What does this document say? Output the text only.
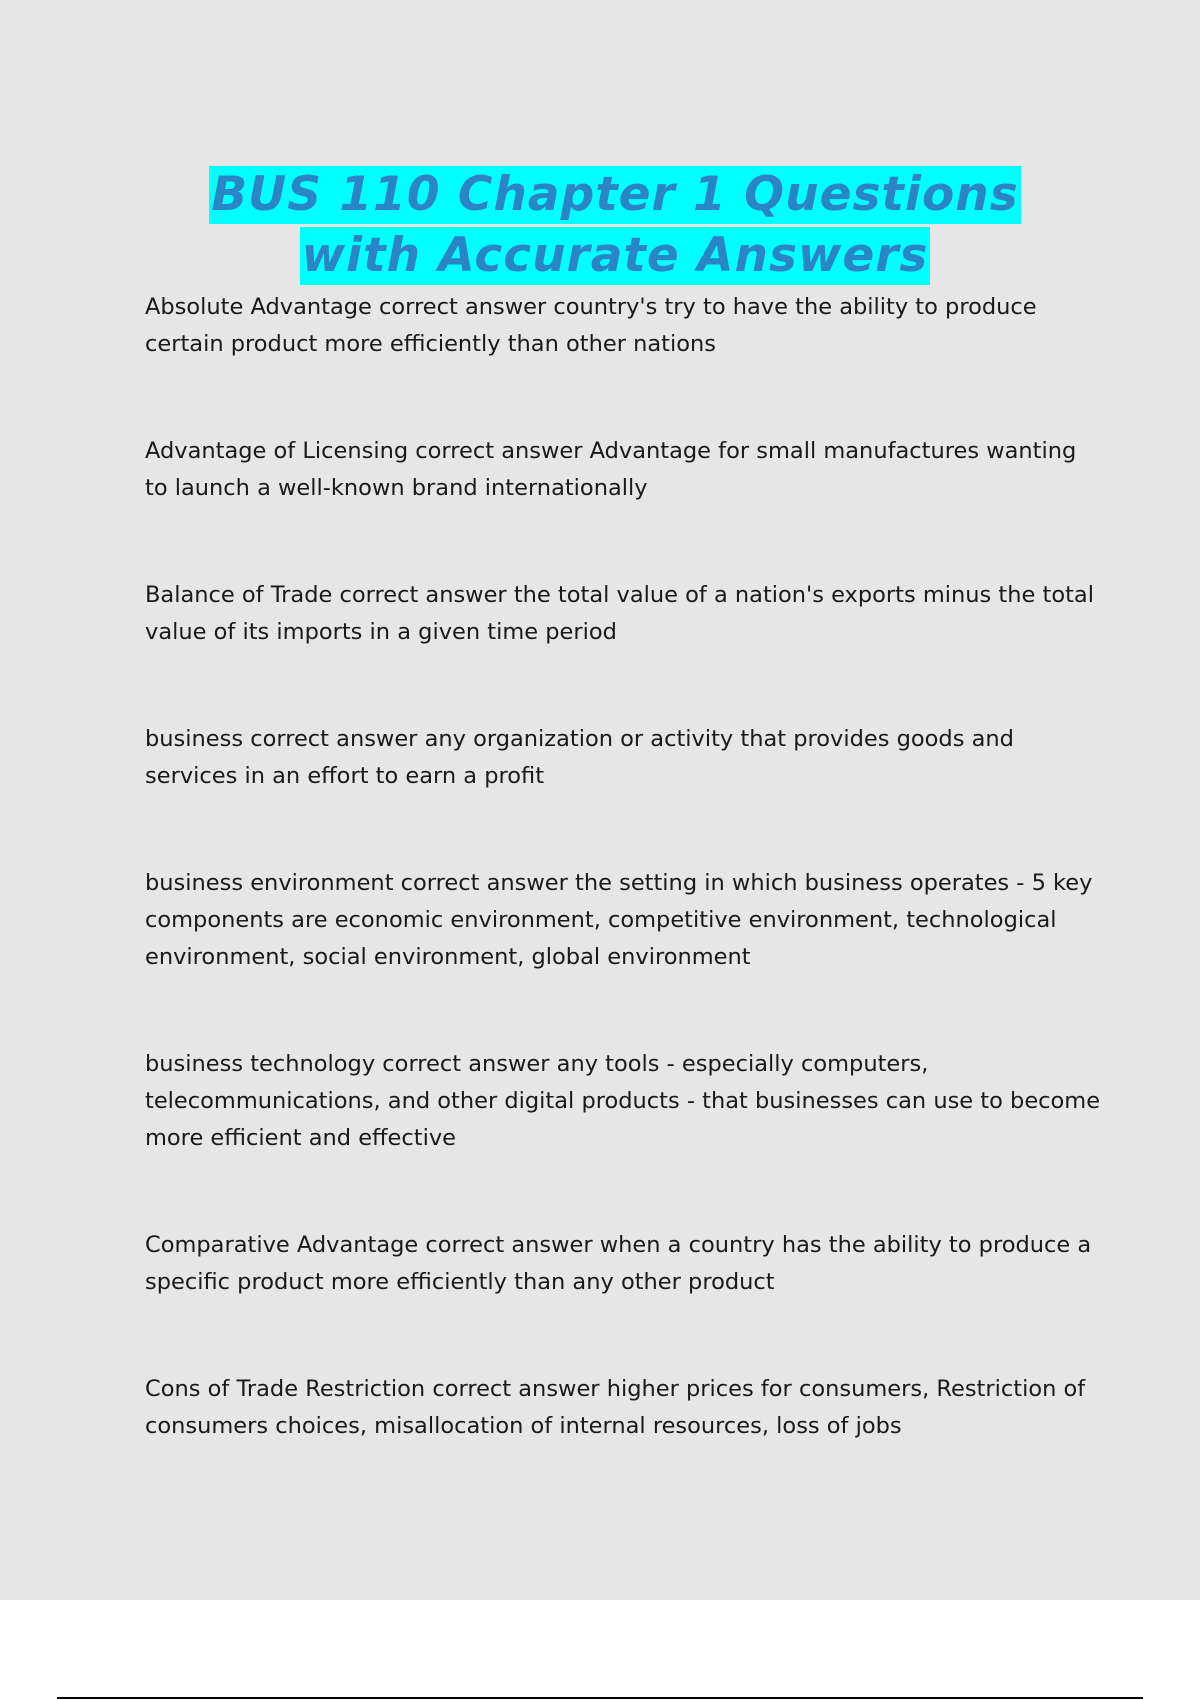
BUS 110 Chapter 1 Questions
with Accurate Answers

Absolute Advantage correct answer country's try to have the ability to produce certain product more efficiently than other nations

Advantage of Licensing correct answer Advantage for small manufactures wanting to launch a well-known brand internationally

Balance of Trade correct answer the total value of a nation's exports minus the total value of its imports in a given time period

business correct answer any organization or activity that provides goods and services in an effort to earn a profit

business environment correct answer the setting in which business operates - 5 key components are economic environment, competitive environment, technological environment, social environment, global environment

business technology correct answer any tools - especially computers, telecommunications, and other digital products - that businesses can use to become more efficient and effective

Comparative Advantage correct answer when a country has the ability to produce a specific product more efficiently than any other product

Cons of Trade Restriction correct answer higher prices for consumers, Restriction of consumers choices, misallocation of internal resources, loss of jobs
